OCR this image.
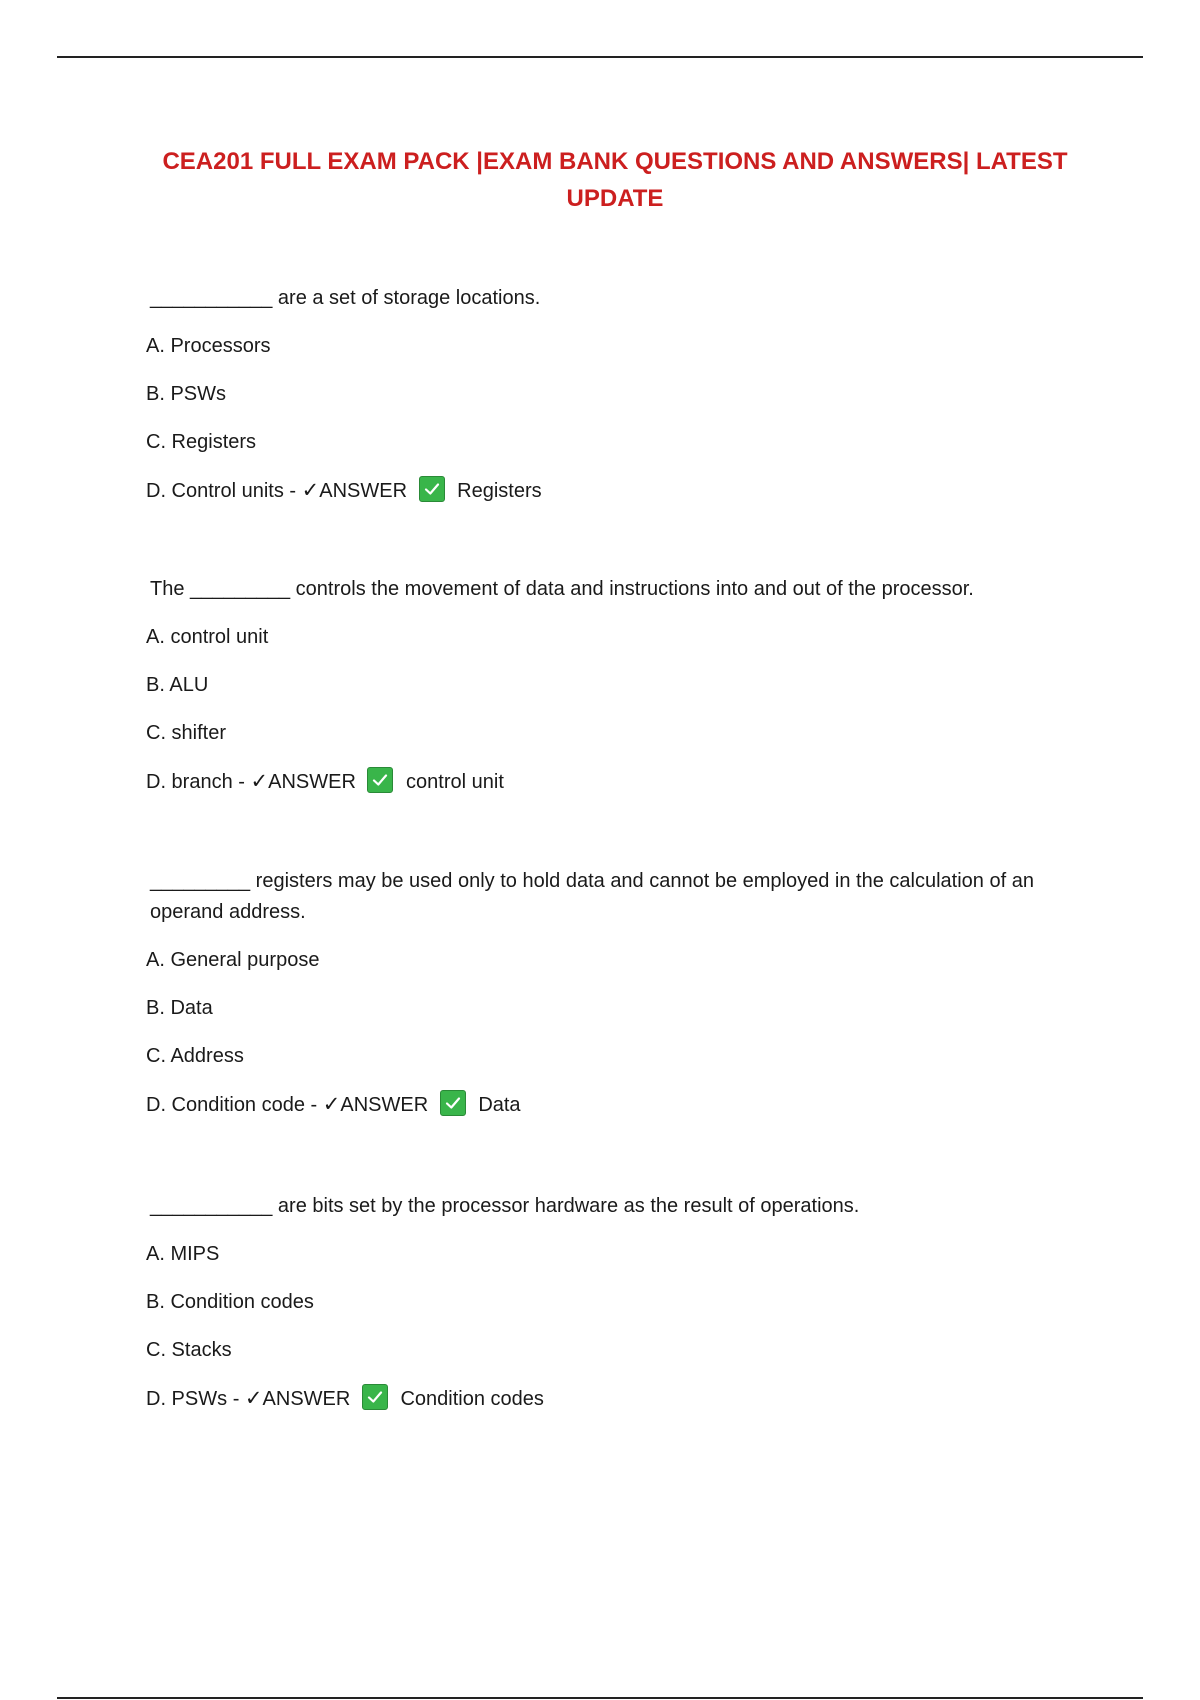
CEA201 FULL EXAM PACK |EXAM BANK QUESTIONS AND ANSWERS| LATEST UPDATE

___________ are a set of storage locations.

A. Processors
B. PSWs
C. Registers
D. Control units - ✓ANSWER	Registers

The _________ controls the movement of data and instructions into and out of the processor.

A. control unit
B. ALU
C. shifter
D. branch - ✓ANSWER	control unit

_________ registers may be used only to hold data and cannot be employed in the calculation of an operand address.

A. General purpose
B. Data
C. Address
D. Condition code - ✓ANSWER	Data

___________ are bits set by the processor hardware as the result of operations.

A. MIPS
B. Condition codes
C. Stacks
D. PSWs - ✓ANSWER	Condition codes
